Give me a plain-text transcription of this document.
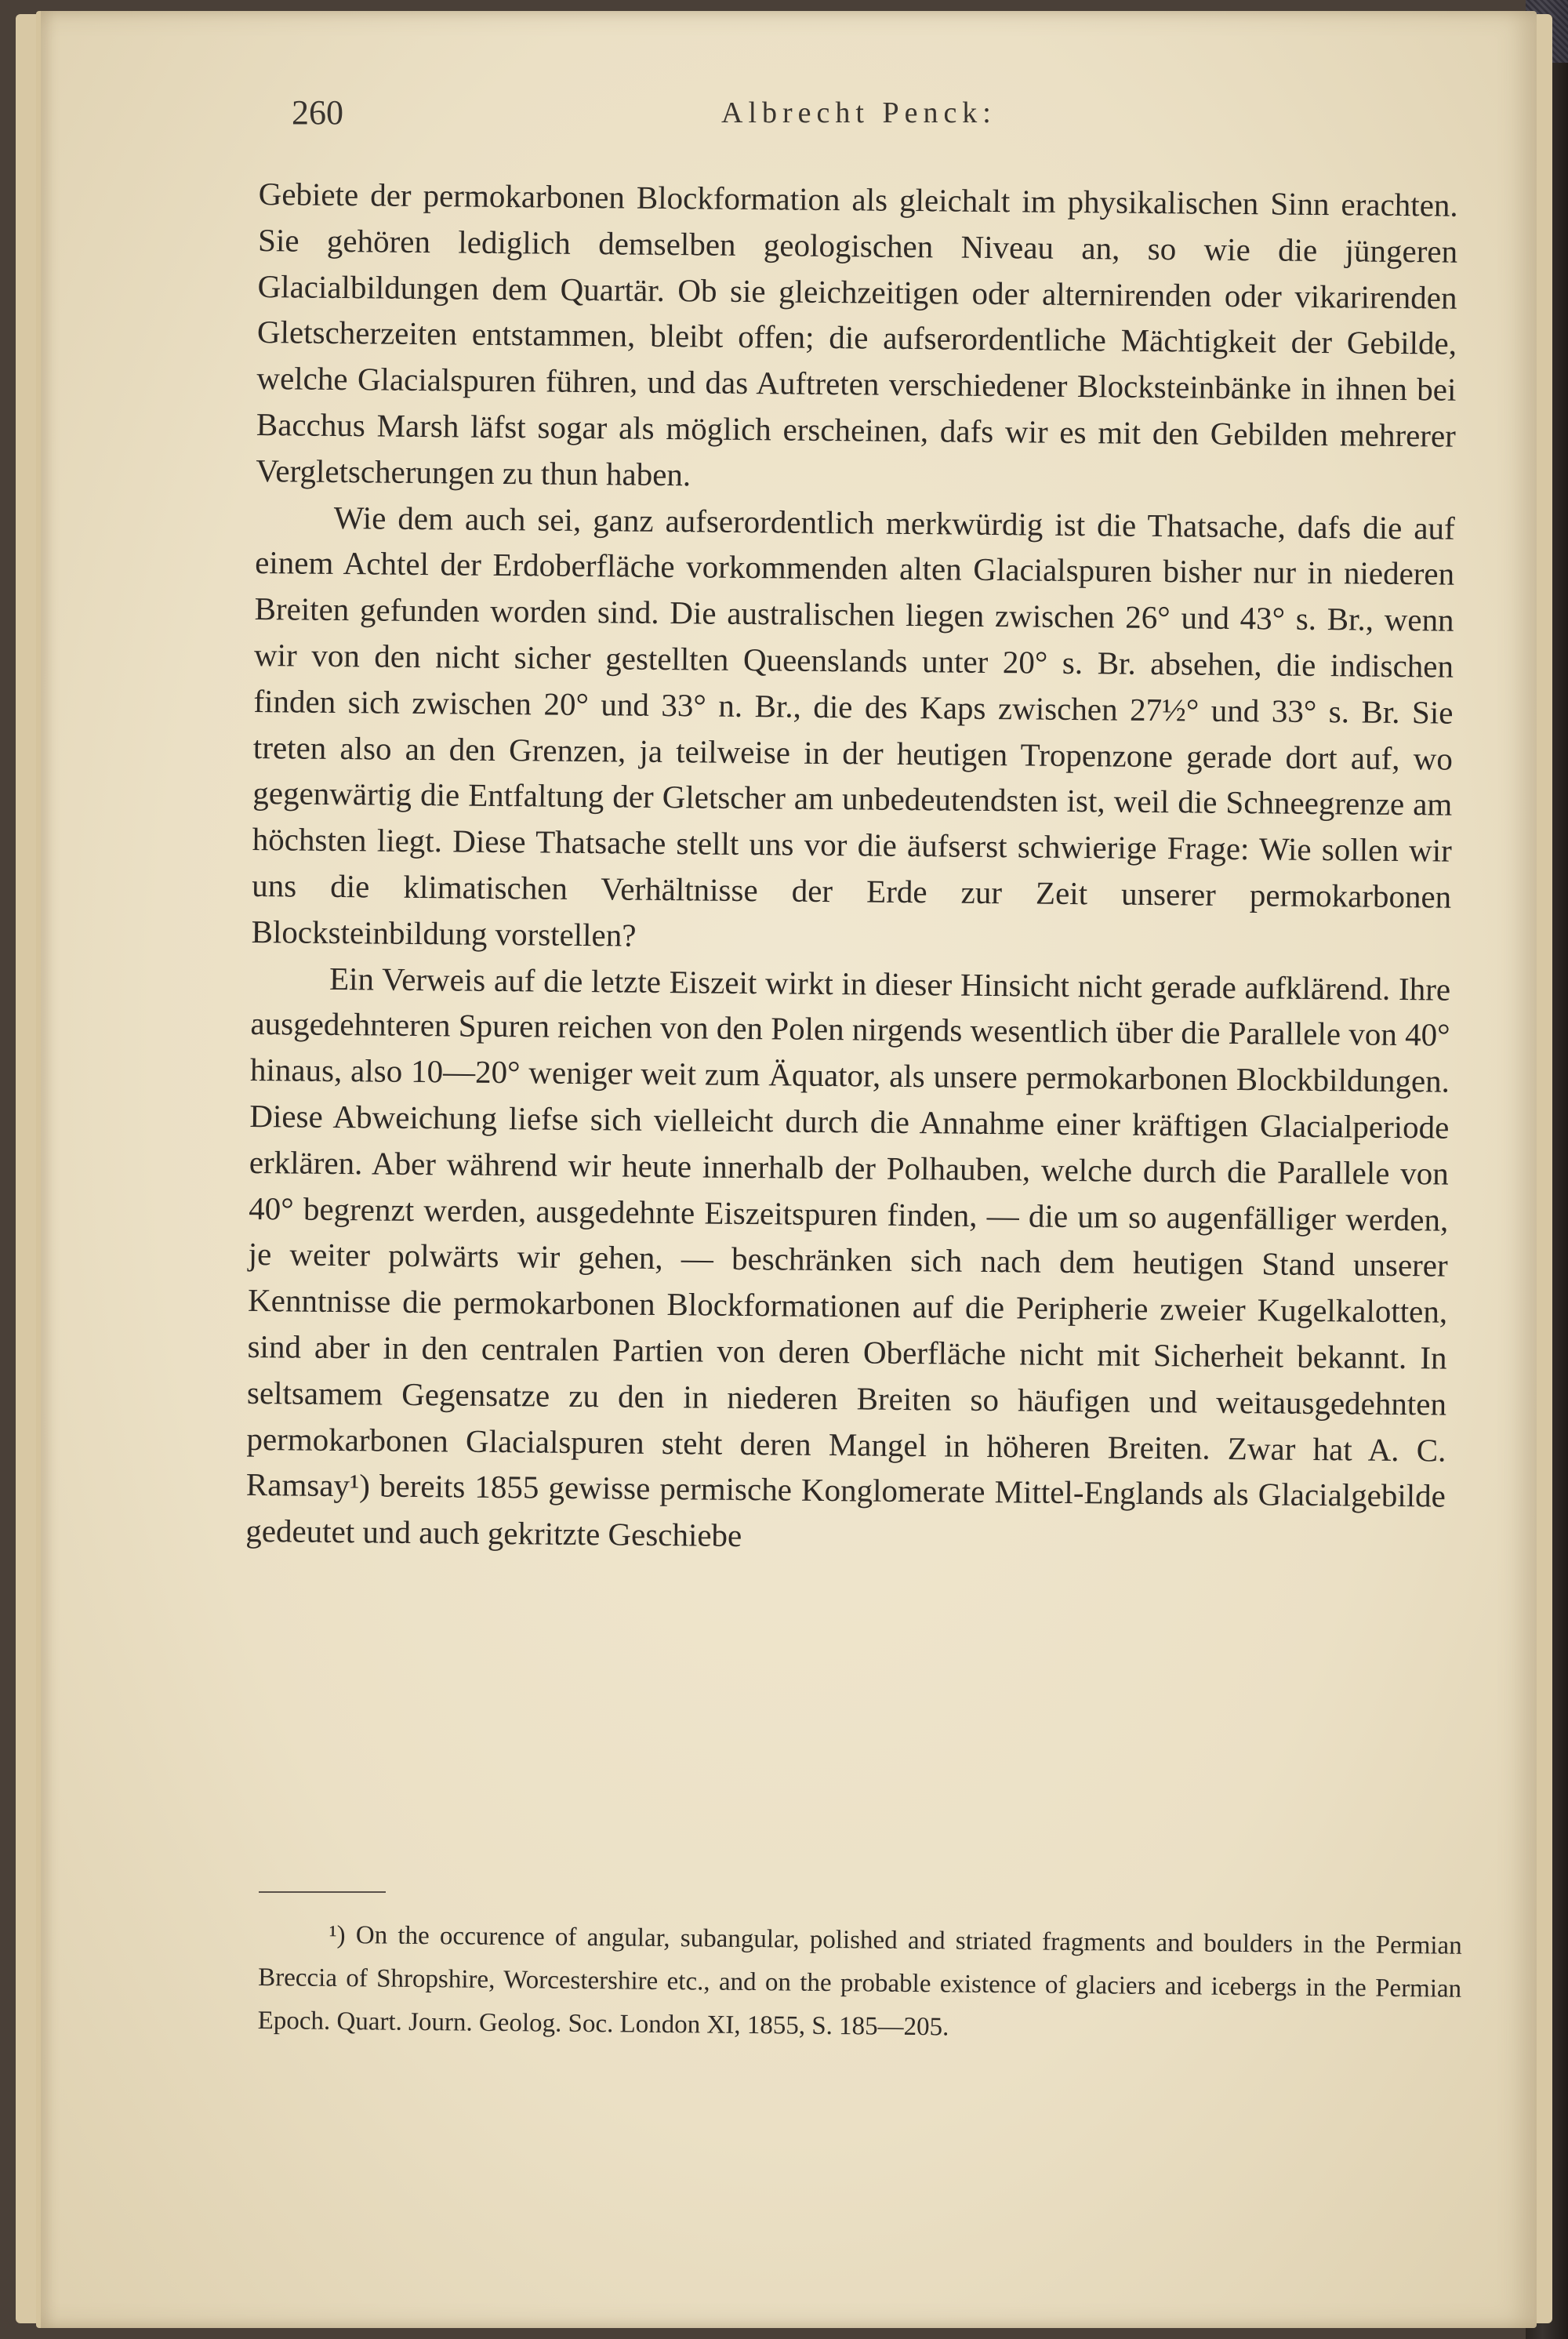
260	Albrecht Penck:

Gebiete der permokarbonen Blockformation als gleichalt im physikalischen Sinn erachten. Sie gehören lediglich demselben geologischen Niveau an, so wie die jüngeren Glacialbildungen dem Quartär. Ob sie gleichzeitigen oder alternirenden oder vikarirenden Gletscherzeiten entstammen, bleibt offen; die aufserordentliche Mächtigkeit der Gebilde, welche Glacialspuren führen, und das Auftreten verschiedener Blocksteinbänke in ihnen bei Bacchus Marsh läfst sogar als möglich erscheinen, dafs wir es mit den Gebilden mehrerer Vergletscherungen zu thun haben.

Wie dem auch sei, ganz aufserordentlich merkwürdig ist die Thatsache, dafs die auf einem Achtel der Erdoberfläche vorkommenden alten Glacialspuren bisher nur in niederen Breiten gefunden worden sind. Die australischen liegen zwischen 26° und 43° s. Br., wenn wir von den nicht sicher gestellten Queenslands unter 20° s. Br. absehen, die indischen finden sich zwischen 20° und 33° n. Br., die des Kaps zwischen 27½° und 33° s. Br. Sie treten also an den Grenzen, ja teilweise in der heutigen Tropenzone gerade dort auf, wo gegenwärtig die Entfaltung der Gletscher am unbedeutendsten ist, weil die Schneegrenze am höchsten liegt. Diese Thatsache stellt uns vor die äufserst schwierige Frage: Wie sollen wir uns die klimatischen Verhältnisse der Erde zur Zeit unserer permokarbonen Blocksteinbildung vorstellen?

Ein Verweis auf die letzte Eiszeit wirkt in dieser Hinsicht nicht gerade aufklärend. Ihre ausgedehnteren Spuren reichen von den Polen nirgends wesentlich über die Parallele von 40° hinaus, also 10—20° weniger weit zum Äquator, als unsere permokarbonen Blockbildungen. Diese Abweichung liefse sich vielleicht durch die Annahme einer kräftigen Glacialperiode erklären. Aber während wir heute innerhalb der Polhauben, welche durch die Parallele von 40° begrenzt werden, ausgedehnte Eiszeitspuren finden, — die um so augenfälliger werden, je weiter polwärts wir gehen, — beschränken sich nach dem heutigen Stand unserer Kenntnisse die permokarbonen Blockformationen auf die Peripherie zweier Kugelkalotten, sind aber in den centralen Partien von deren Oberfläche nicht mit Sicherheit bekannt. In seltsamem Gegensatze zu den in niederen Breiten so häufigen und weitausgedehnten permokarbonen Glacialspuren steht deren Mangel in höheren Breiten. Zwar hat A. C. Ramsay¹) bereits 1855 gewisse permische Konglomerate Mittel-Englands als Glacialgebilde gedeutet und auch gekritzte Geschiebe

¹) On the occurence of angular, subangular, polished and striated fragments and boulders in the Permian Breccia of Shropshire, Worcestershire etc., and on the probable existence of glaciers and icebergs in the Permian Epoch. Quart. Journ. Geolog. Soc. London XI, 1855, S. 185—205.
